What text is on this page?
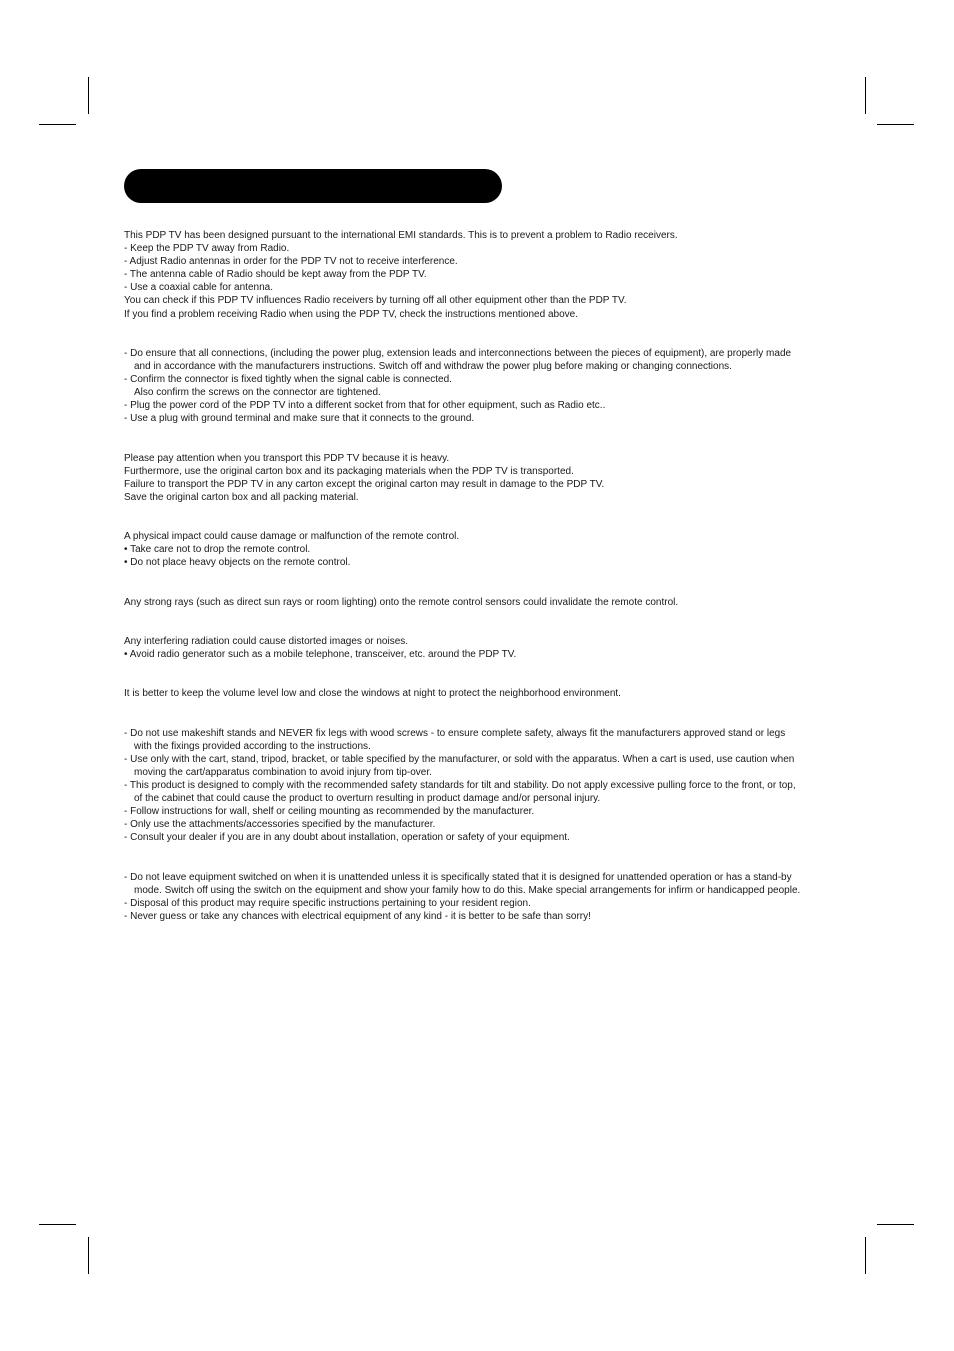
This PDP TV has been designed pursuant to the international EMI standards. This is to prevent a problem to Radio receivers.
- Keep the PDP TV away from Radio.
- Adjust Radio antennas in order for the PDP TV not to receive interference.
- The antenna cable of Radio should be kept away from the PDP TV.
- Use a coaxial cable for antenna.
You can check if this PDP TV influences Radio receivers by turning off all other equipment other than the PDP TV.
If you find a problem receiving Radio when using the PDP TV, check the instructions mentioned above.
- Do ensure that all connections, (including the power plug, extension leads and interconnections between the pieces of equipment), are properly made
and in accordance with the manufacturers instructions. Switch off and withdraw the power plug before making or changing connections.
- Confirm the connector is fixed tightly when the signal cable is connected.
Also confirm the screws on the connector are tightened.
- Plug the power cord of the PDP TV into a different socket from that for other equipment, such as Radio etc..
- Use a plug with ground terminal and make sure that it connects to the ground.
Please pay attention when you transport this PDP TV because it is heavy.
Furthermore, use the original carton box and its packaging materials when the PDP TV is transported.
Failure to transport the PDP TV in any carton except the original carton may result in damage to the PDP TV.
Save the original carton box and all packing material.
A physical impact could cause damage or malfunction of the remote control.
• Take care not to drop the remote control.
• Do not place heavy objects on the remote control.
Any strong rays (such as direct sun rays or room lighting) onto the remote control sensors could invalidate the remote control.
Any interfering radiation could cause distorted images or noises.
• Avoid radio generator such as a mobile telephone, transceiver, etc. around the PDP TV.
It is better to keep the volume level low and close the windows at night to protect the neighborhood environment.
- Do not use makeshift stands and NEVER fix legs with wood screws - to ensure complete safety, always fit the manufacturers approved stand or legs
with the fixings provided according to the instructions.
- Use only with the cart, stand, tripod, bracket, or table specified by the manufacturer, or sold with the apparatus. When a cart is used, use caution when
moving the cart/apparatus combination to avoid injury from tip-over.
- This product is designed to comply with the recommended safety standards for tilt and stability. Do not apply excessive pulling force to the front, or top,
of the cabinet that could cause the product to overturn resulting in product damage and/or personal injury.
- Follow instructions for wall, shelf or ceiling mounting as recommended by the manufacturer.
- Only use the attachments/accessories specified by the manufacturer.
- Consult your dealer if you are in any doubt about installation, operation or safety of your equipment.
- Do not leave equipment switched on when it is unattended unless it is specifically stated that it is designed for unattended operation or has a stand-by
mode. Switch off using the switch on the equipment and show your family how to do this. Make special arrangements for infirm or handicapped people.
- Disposal of this product may require specific instructions pertaining to your resident region.
- Never guess or take any chances with electrical equipment of any kind - it is better to be safe than sorry!
